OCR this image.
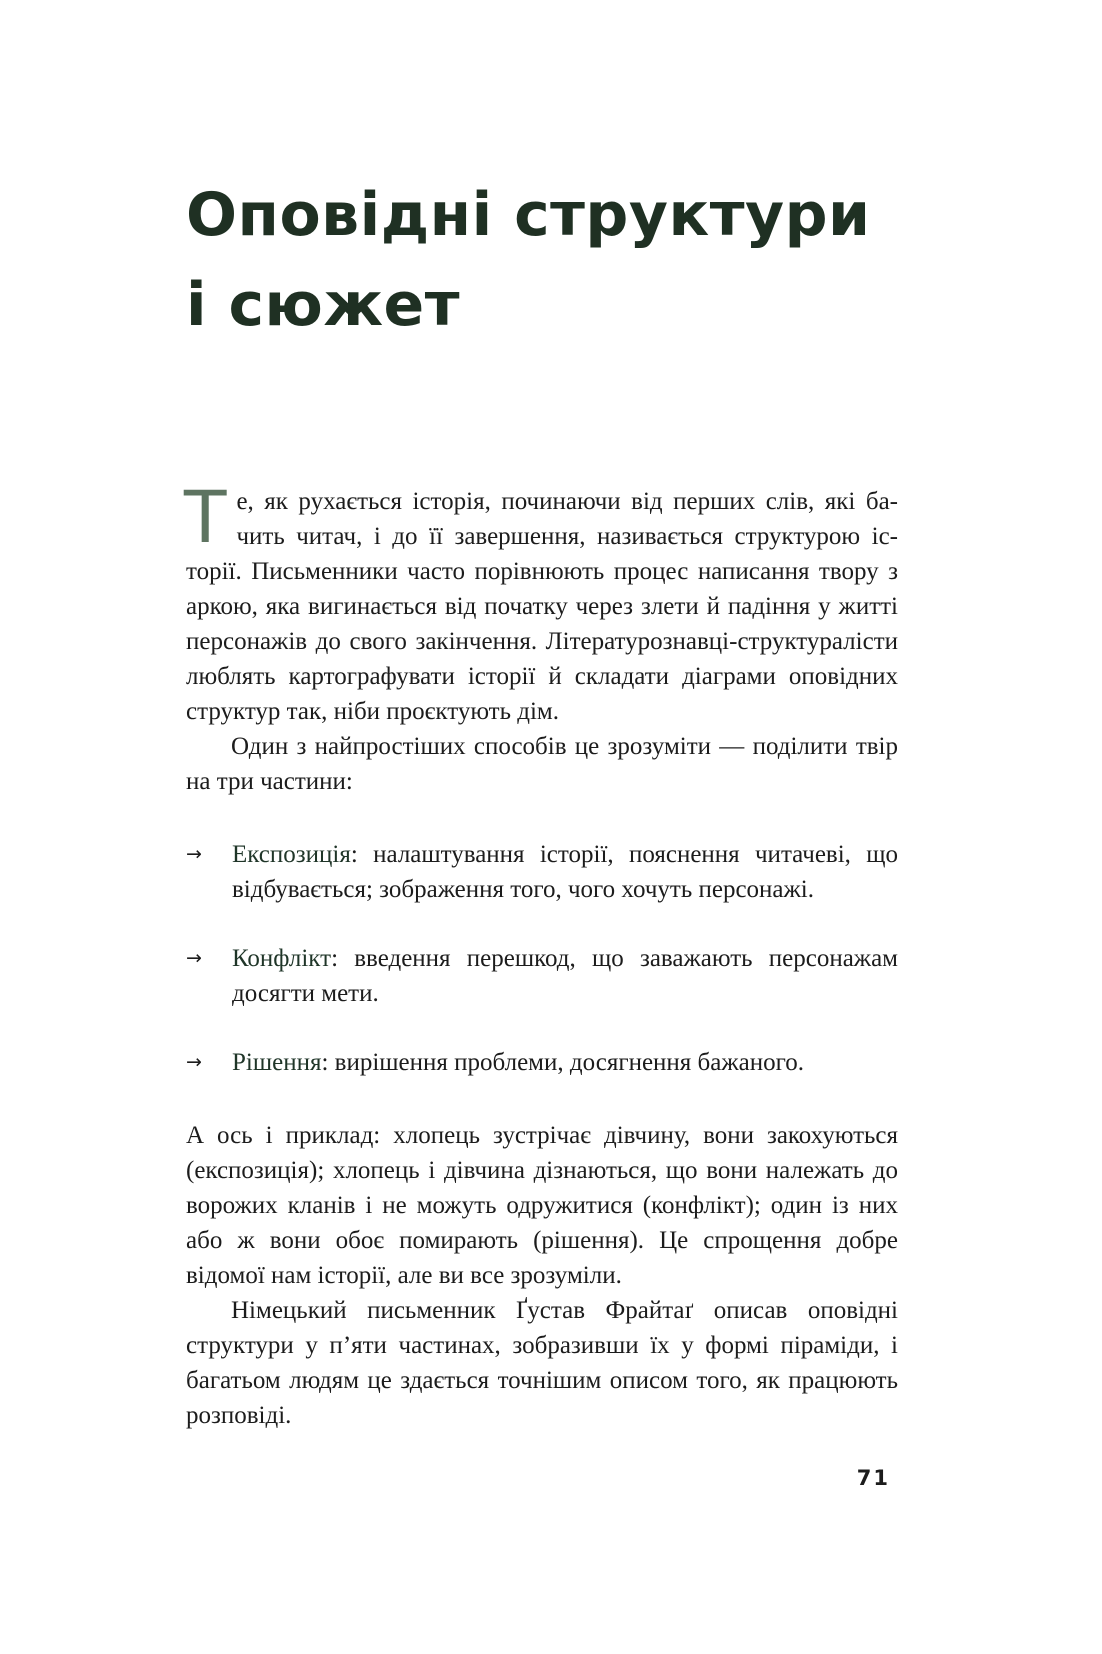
Оповідні структури
і сюжет

Те, як рухається історія, починаючи від перших слів, які бачить читач, і до її завершення, називається структурою історії. Письменники часто порівнюють процес написання твору з аркою, яка вигинається від початку через злети й падіння у житті персонажів до свого закінчення. Літературознавці-структуралісти люблять картографувати історії й складати діаграми оповідних структур так, ніби проєктують дім.

Один з найпростіших способів це зрозуміти — поділити твір на три частини:

→ Експозиція: налаштування історії, пояснення читачеві, що відбувається; зображення того, чого хочуть персонажі.
→ Конфлікт: введення перешкод, що заважають персонажам досягти мети.
→ Рішення: вирішення проблеми, досягнення бажаного.

А ось і приклад: хлопець зустрічає дівчину, вони закохуються (експозиція); хлопець і дівчина дізнаються, що вони належать до ворожих кланів і не можуть одружитися (конфлікт); один із них або ж вони обоє помирають (рішення). Це спрощення добре відомої нам історії, але ви все зрозуміли.

Німецький письменник Ґустав Фрайтаґ описав оповідні структури у п’яти частинах, зобразивши їх у формі піраміди, і багатьом людям це здається точнішим описом того, як працюють розповіді.

71
